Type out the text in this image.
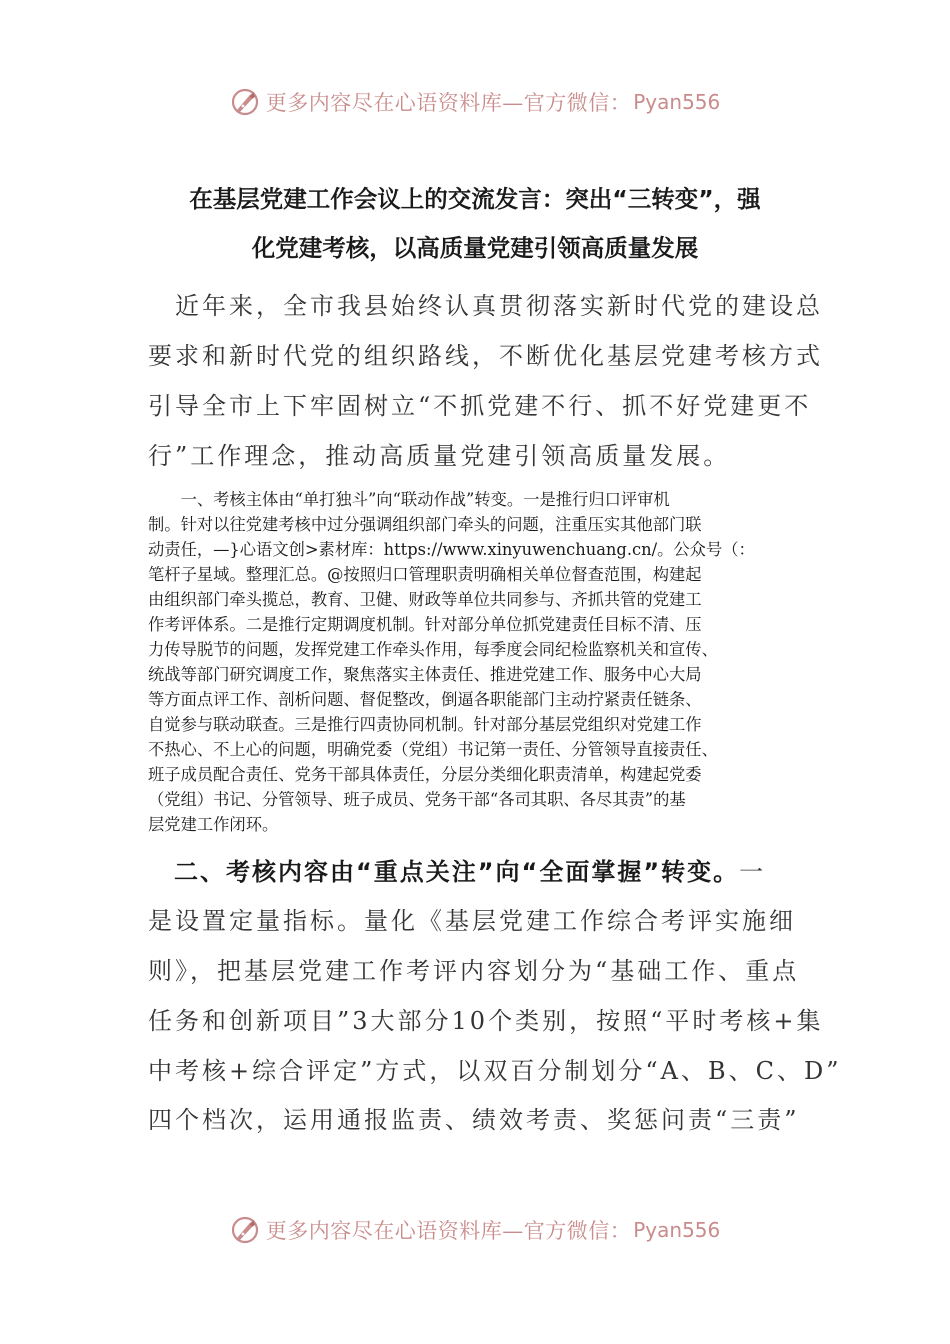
更多内容尽在心语资料库—官方微信： Pyan556
在基层党建工作会议上的交流发言：突出“三转变”，强
化党建考核，以高质量党建引领高质量发展
　近年来，全市我县始终认真贯彻落实新时代党的建设总
要求和新时代党的组织路线，不断优化基层党建考核方式
引导全市上下牢固树立“不抓党建不行、抓不好党建更不
行”工作理念，推动高质量党建引领高质量发展。
　　一、考核主体由“单打独斗”向“联动作战”转变。一是推行归口评审机
制。针对以往党建考核中过分强调组织部门牵头的问题，注重压实其他部门联
动责任，—}心语文创>素材库：https://www.xinyuwenchuang.cn/。公众号（：
笔杆子星域。整理汇总。@按照归口管理职责明确相关单位督查范围，构建起
由组织部门牵头揽总，教育、卫健、财政等单位共同参与、齐抓共管的党建工
作考评体系。二是推行定期调度机制。针对部分单位抓党建责任目标不清、压
力传导脱节的问题，发挥党建工作牵头作用，每季度会同纪检监察机关和宣传、
统战等部门研究调度工作，聚焦落实主体责任、推进党建工作、服务中心大局
等方面点评工作、剖析问题、督促整改，倒逼各职能部门主动拧紧责任链条、
自觉参与联动联查。三是推行四责协同机制。针对部分基层党组织对党建工作
不热心、不上心的问题，明确党委（党组）书记第一责任、分管领导直接责任、
班子成员配合责任、党务干部具体责任，分层分类细化职责清单，构建起党委
（党组）书记、分管领导、班子成员、党务干部“各司其职、各尽其责”的基
层党建工作闭环。
　二、考核内容由“重点关注”向“全面掌握”转变。一
是设置定量指标。量化《基层党建工作综合考评实施细
则》，把基层党建工作考评内容划分为“基础工作、重点
任务和创新项目”3大部分10个类别，按照“平时考核+集
中考核+综合评定”方式，以双百分制划分“A、B、C、D”
四个档次，运用通报监责、绩效考责、奖惩问责“三责”
更多内容尽在心语资料库—官方微信： Pyan556
